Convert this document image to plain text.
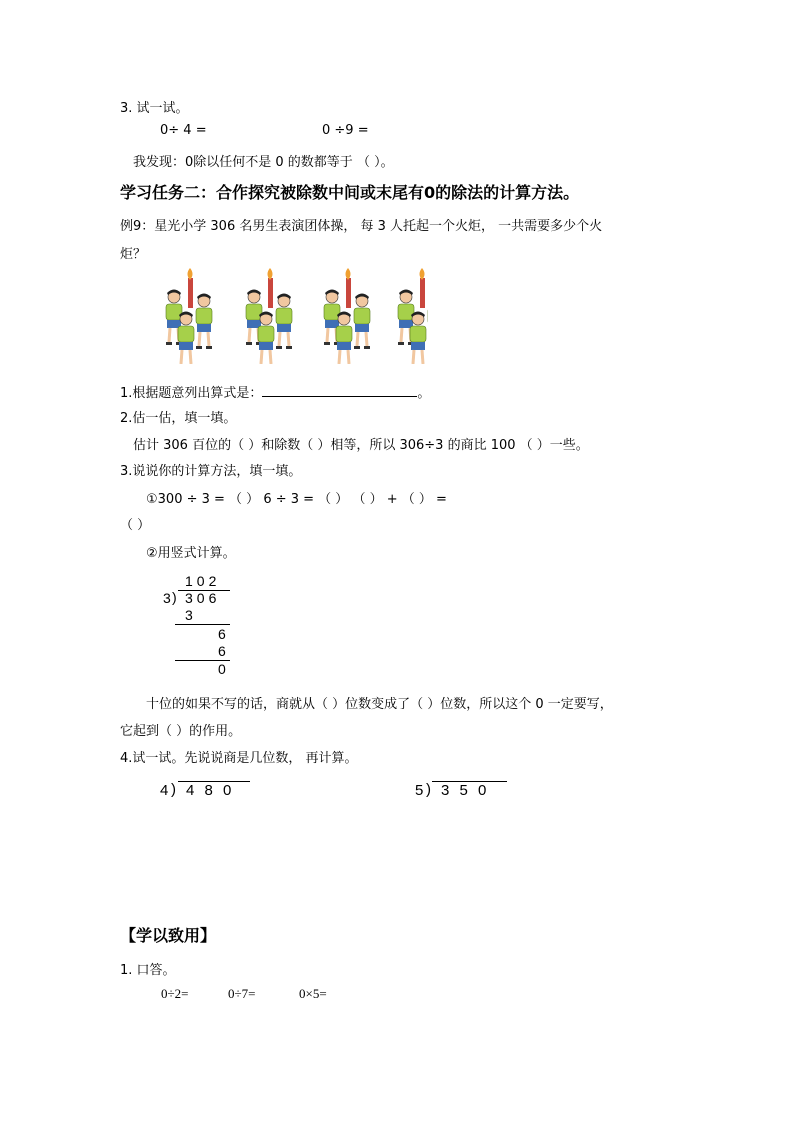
3. 试一试。
0÷ 4 =	0 ÷9 =
我发现：0除以任何不是 0 的数都等于 （ ）。
学习任务二：合作探究被除数中间或末尾有0的除法的计算方法。
例9：星光小学 306 名男生表演团体操， 每 3 人托起一个火炬， 一共需要多少个火
炬？
1.根据题意列出算式是：	。
2.估一估，填一填。
估计 306 百位的（ ）和除数（ ）相等，所以 306÷3 的商比 100 （ ）一些。
3.说说你的计算方法，填一填。
①300 ÷ 3 = （ ） 6 ÷ 3 = （ ） （ ） + （ ） =
（ ）
②用竖式计算。
102
3 ) 306
3
6
6
0
十位的如果不写的话，商就从（ ）位数变成了（ ）位数，所以这个 0 一定要写，
它起到（ ）的作用。
4.试一试。先说说商是几位数， 再计算。
4 ) 4 8 0	5 ) 3 5 0
【学以致用】
1. 口答。
0÷2=	0÷7=	0×5=
